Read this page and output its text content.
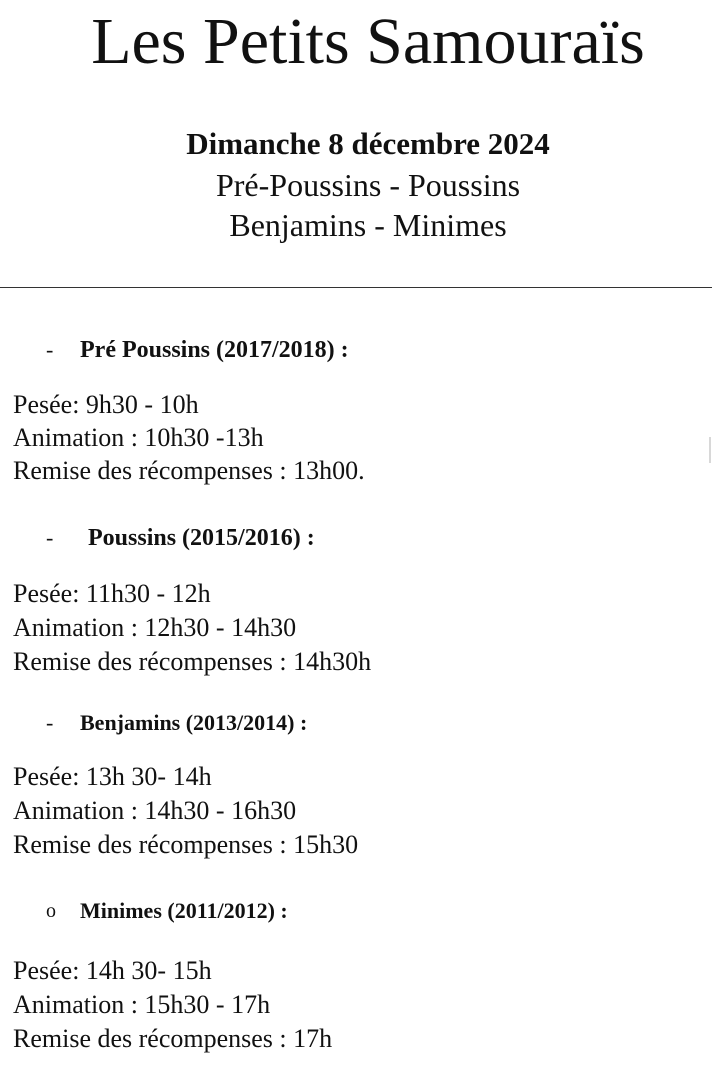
Les Petits Samouraïs
Dimanche 8 décembre 2024
Pré-Poussins - Poussins
Benjamins - Minimes
- Pré Poussins (2017/2018) :
Pesée: 9h30 - 10h
Animation : 10h30 -13h
Remise des récompenses : 13h00.
- Poussins (2015/2016) :
Pesée: 11h30 - 12h
Animation : 12h30 - 14h30
Remise des récompenses : 14h30h
- Benjamins (2013/2014) :
Pesée: 13h 30- 14h
Animation : 14h30 - 16h30
Remise des récompenses : 15h30
o Minimes (2011/2012) :
Pesée: 14h 30- 15h
Animation : 15h30 - 17h
Remise des récompenses : 17h
